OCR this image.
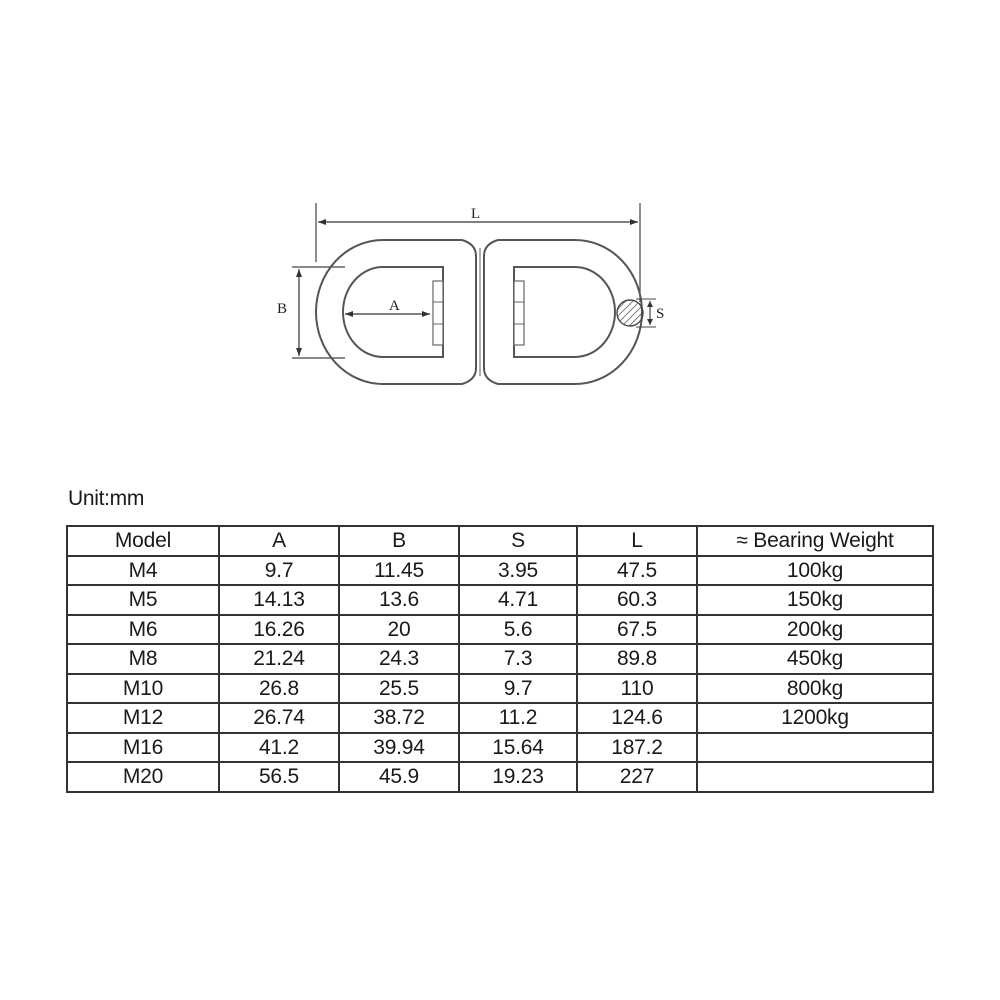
L
B	A	S
Unit:mm
Model	A	B	S	L	≈ Bearing Weight
M4	9.7	11.45	3.95	47.5	100kg
M5	14.13	13.6	4.71	60.3	150kg
M6	16.26	20	5.6	67.5	200kg
M8	21.24	24.3	7.3	89.8	450kg
M10	26.8	25.5	9.7	110	800kg
M12	26.74	38.72	11.2	124.6	1200kg
M16	41.2	39.94	15.64	187.2	
M20	56.5	45.9	19.23	227	
